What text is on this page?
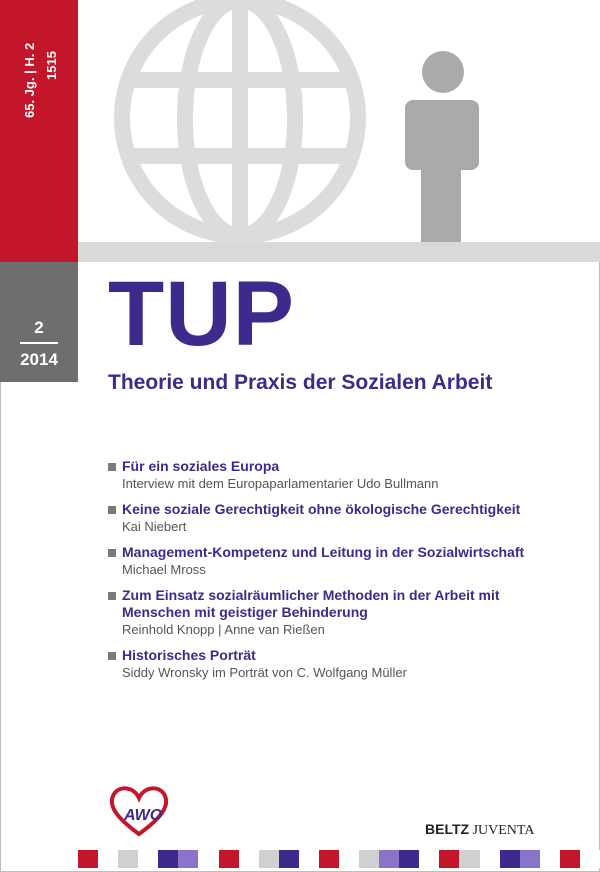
65. Jg. | H. 2 1515
2
2014 TUP
Theorie und Praxis der Sozialen Arbeit
Für ein soziales Europa
Interview mit dem Europaparlamentarier Udo Bullmann
Keine soziale Gerechtigkeit ohne ökologische Gerechtigkeit
Kai Niebert
Management-Kompetenz und Leitung in der Sozialwirtschaft
Michael Mross
Zum Einsatz sozialräumlicher Methoden in der Arbeit mit Menschen mit geistiger Behinderung
Reinhold Knopp | Anne van Rießen
Historisches Porträt
Siddy Wronsky im Porträt von C. Wolfgang Müller
AWO
BELTZ JUVENTA
